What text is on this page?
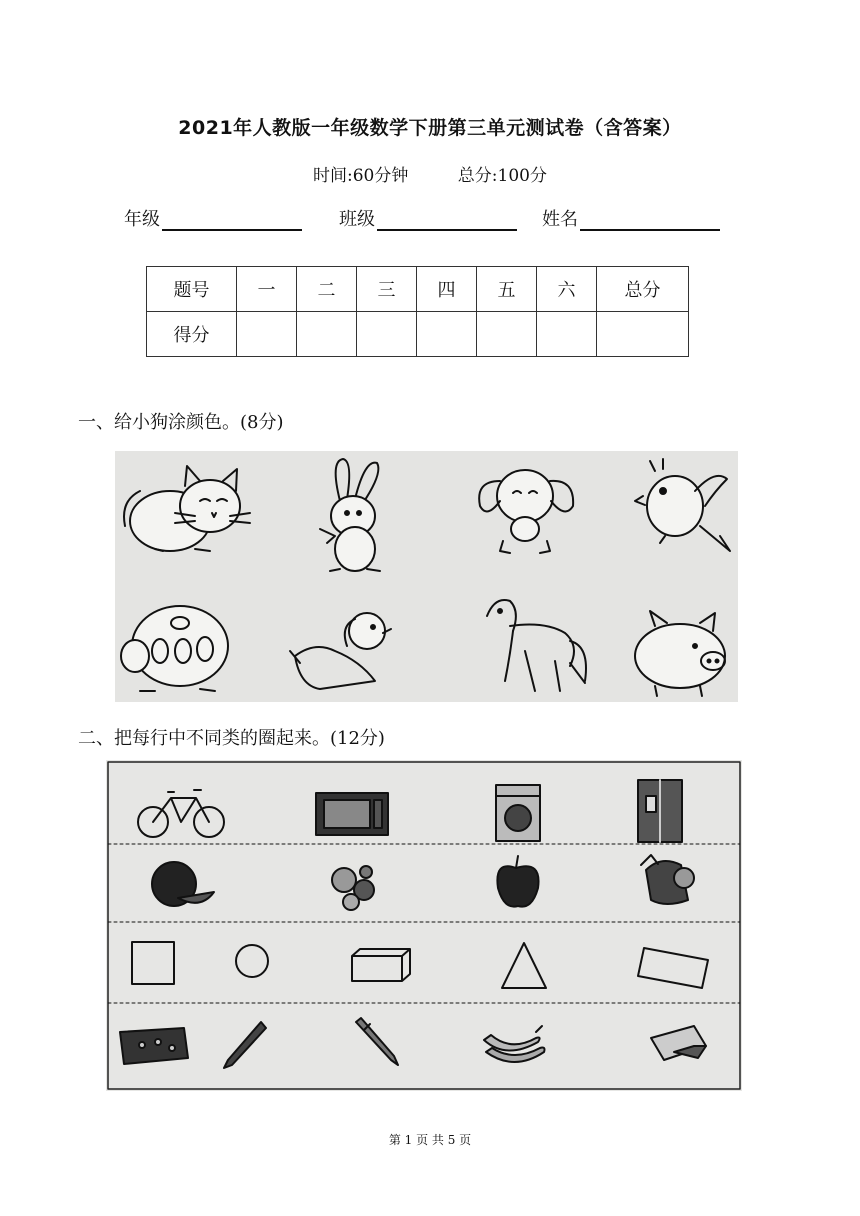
2021年人教版一年级数学下册第三单元测试卷（含答案）
时间:60分钟	总分:100分
年级	班级	姓名
题号	一	二	三	四	五	六	总分
得分							
一、给小狗涂颜色。(8分)
二、把每行中不同类的圈起来。(12分)
第 1 页 共 5 页
